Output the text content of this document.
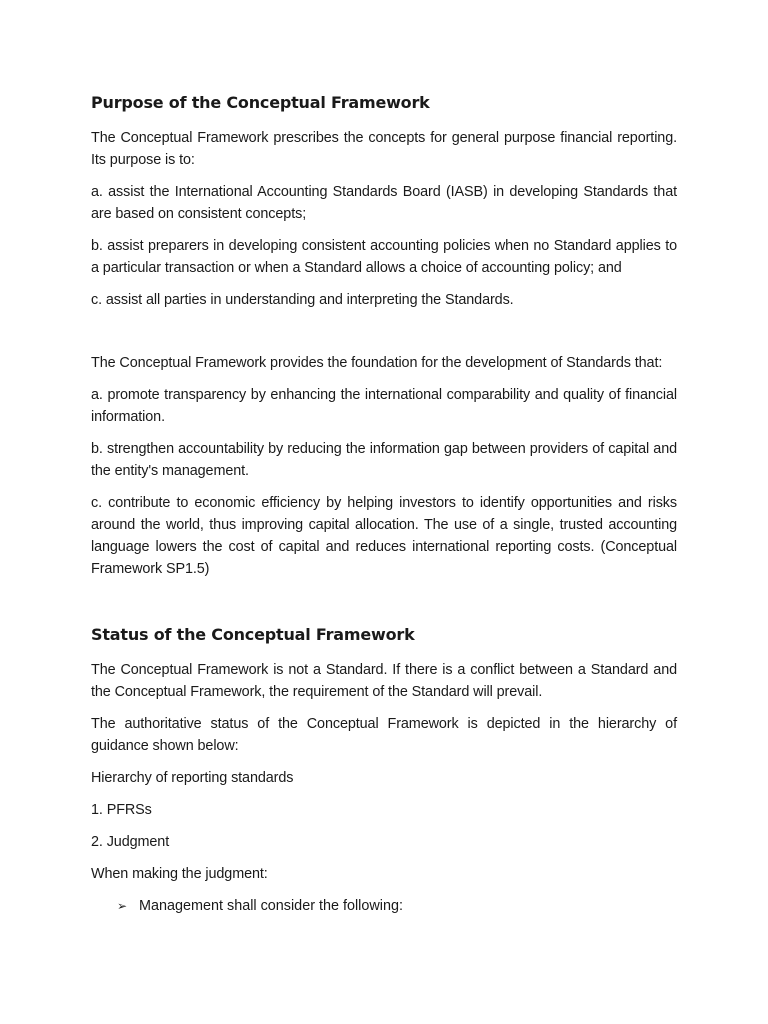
Purpose of the Conceptual Framework

The Conceptual Framework prescribes the concepts for general purpose financial reporting. Its purpose is to:

a. assist the International Accounting Standards Board (IASB) in developing Standards that are based on consistent concepts;

b. assist preparers in developing consistent accounting policies when no Standard applies to a particular transaction or when a Standard allows a choice of accounting policy; and

c. assist all parties in understanding and interpreting the Standards.

The Conceptual Framework provides the foundation for the development of Standards that:

a. promote transparency by enhancing the international comparability and quality of financial information.

b. strengthen accountability by reducing the information gap between providers of capital and the entity's management.

c. contribute to economic efficiency by helping investors to identify opportunities and risks around the world, thus improving capital allocation. The use of a single, trusted accounting language lowers the cost of capital and reduces international reporting costs. (Conceptual Framework SP1.5)

Status of the Conceptual Framework

The Conceptual Framework is not a Standard. If there is a conflict between a Standard and the Conceptual Framework, the requirement of the Standard will prevail.

The authoritative status of the Conceptual Framework is depicted in the hierarchy of guidance shown below:

Hierarchy of reporting standards

1. PFRSs

2. Judgment

When making the judgment:

➢ Management shall consider the following:
